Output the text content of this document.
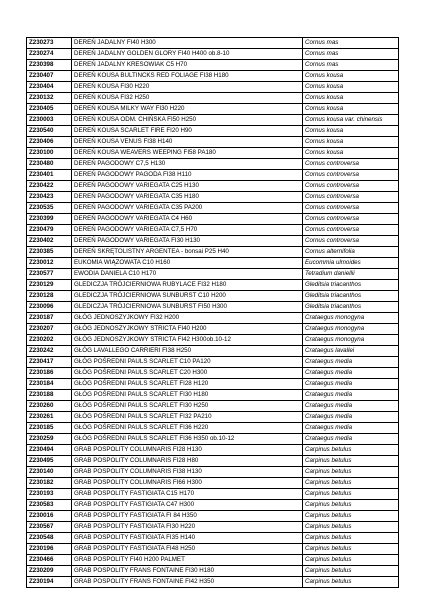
Z230273	DEREŃ JADALNY FI40 H300	Cornus mas
Z230274	DEREŃ JADALNY GOLDEN GLORY FI40 H400 ob.8-10	Cornus mas
Z230398	DEREŃ JADALNY KRESOWIAK C5 H70	Cornus mas
Z230407	DEREŃ KOUSA BULTINCKS RED FOLIAGE FI38 H180	Cornus kousa
Z230404	DEREŃ KOUSA FI30 H220	Cornus kousa
Z230132	DEREŃ KOUSA FI32 H250	Cornus kousa
Z230405	DEREŃ KOUSA MILKY WAY FI30 H220	Cornus kousa
Z230003	DEREŃ KOUSA ODM. CHIŃSKA FI50 H250	Cornus kousa var. chinensis
Z230540	DEREŃ KOUSA SCARLET FIRE FI20 H90	Cornus kousa
Z230406	DEREŃ KOUSA VENUS FI38 H140	Cornus kousa
Z230100	DEREŃ KOUSA WEAVERS WEEPING FI58 PA180	Cornus kousa
Z230480	DEREŃ PAGODOWY C7,5 H130	Cornus controversa
Z230401	DEREŃ PAGODOWY PAGODA FI38 H110	Cornus controversa
Z230422	DEREŃ PAGODOWY VARIEGATA C25 H130	Cornus controversa
Z230423	DEREŃ PAGODOWY VARIEGATA C35 H180	Cornus controversa
Z230535	DEREŃ PAGODOWY VARIEGATA C35 PA200	Cornus controversa
Z230399	DEREŃ PAGODOWY VARIEGATA C4 H60	Cornus controversa
Z230479	DEREŃ PAGODOWY VARIEGATA C7,5 H70	Cornus controversa
Z230402	DEREŃ PAGODOWY VARIEGATA FI30 H130	Cornus controversa
Z230385	DEREŃ SKRĘTOLISTNY ARGENTEA - bonsai P25 H40	Cornus alternifolia
Z230012	EUKOMIA WIĄZOWATA C10 H160	Eucommia ulmoides
Z230577	EWODIA DANIELA C10 H170	Tetradium daniellii
Z230129	GLEDICZJA TRÓJCIERNIOWA RUBYLACE FI32 H180	Gleditsia triacanthos
Z230128	GLEDICZJA TRÓJCIERNIOWA SUNBURST C10 H200	Gleditsia triacanthos
Z230096	GLEDICZJA TRÓJCIERNIOWA SUNBURST FI50 H300	Gleditsia triacanthos
Z230187	GŁÓG JEDNOSZYJKOWY FI32 H200	Crataegus monogyna
Z230207	GŁÓG JEDNOSZYJKOWY STRICTA FI40 H200	Crataegus monogyna
Z230202	GŁÓG JEDNOSZYJKOWY STRICTA FI42 H300ob.10-12	Crataegus monogyna
Z230242	GŁÓG LAVALLEGO CARRIERI FI38 H250	Crataegus lavallei
Z230417	GŁÓG POŚREDNI PAULS SCARLET C10 PA120	Crataegus media
Z230186	GŁÓG POŚREDNI PAULS SCARLET C20 H300	Crataegus media
Z230184	GŁÓG POŚREDNI PAULS SCARLET FI28 H120	Crataegus media
Z230188	GŁÓG POŚREDNI PAULS SCARLET FI30 H180	Crataegus media
Z230260	GŁÓG POŚREDNI PAULS SCARLET FI30 H250	Crataegus media
Z230261	GŁÓG POŚREDNI PAULS SCARLET FI32 PA210	Crataegus media
Z230185	GŁÓG POŚREDNI PAULS SCARLET FI36 H220	Crataegus media
Z230259	GŁÓG POŚREDNI PAULS SCARLET FI36 H350 ob.10-12	Crataegus media
Z230494	GRAB POSPOLITY COLUMNARIS FI28 H130	Carpinus betulus
Z230495	GRAB POSPOLITY COLUMNARIS FI28 H80	Carpinus betulus
Z230140	GRAB POSPOLITY COLUMNARIS FI38 H130	Carpinus betulus
Z230182	GRAB POSPOLITY COLUMNARIS FI66 H300	Carpinus betulus
Z230193	GRAB POSPOLITY FASTIGIATA C15 H170	Carpinus betulus
Z230583	GRAB POSPOLITY FASTIGIATA C47 H300	Carpinus betulus
Z230016	GRAB POSPOLITY FASTIGIATA FI 84 H350	Carpinus betulus
Z230567	GRAB POSPOLITY FASTIGIATA FI30 H220	Carpinus betulus
Z230548	GRAB POSPOLITY FASTIGIATA FI35 H140	Carpinus betulus
Z230196	GRAB POSPOLITY FASTIGIATA FI48 H250	Carpinus betulus
Z230466	GRAB POSPOLITY FI40 H200 PALMET	Carpinus betulus
Z230209	GRAB POSPOLITY FRANS FONTAINE FI30 H180	Carpinus betulus
Z230194	GRAB POSPOLITY FRANS FONTAINE FI42 H350	Carpinus betulus
